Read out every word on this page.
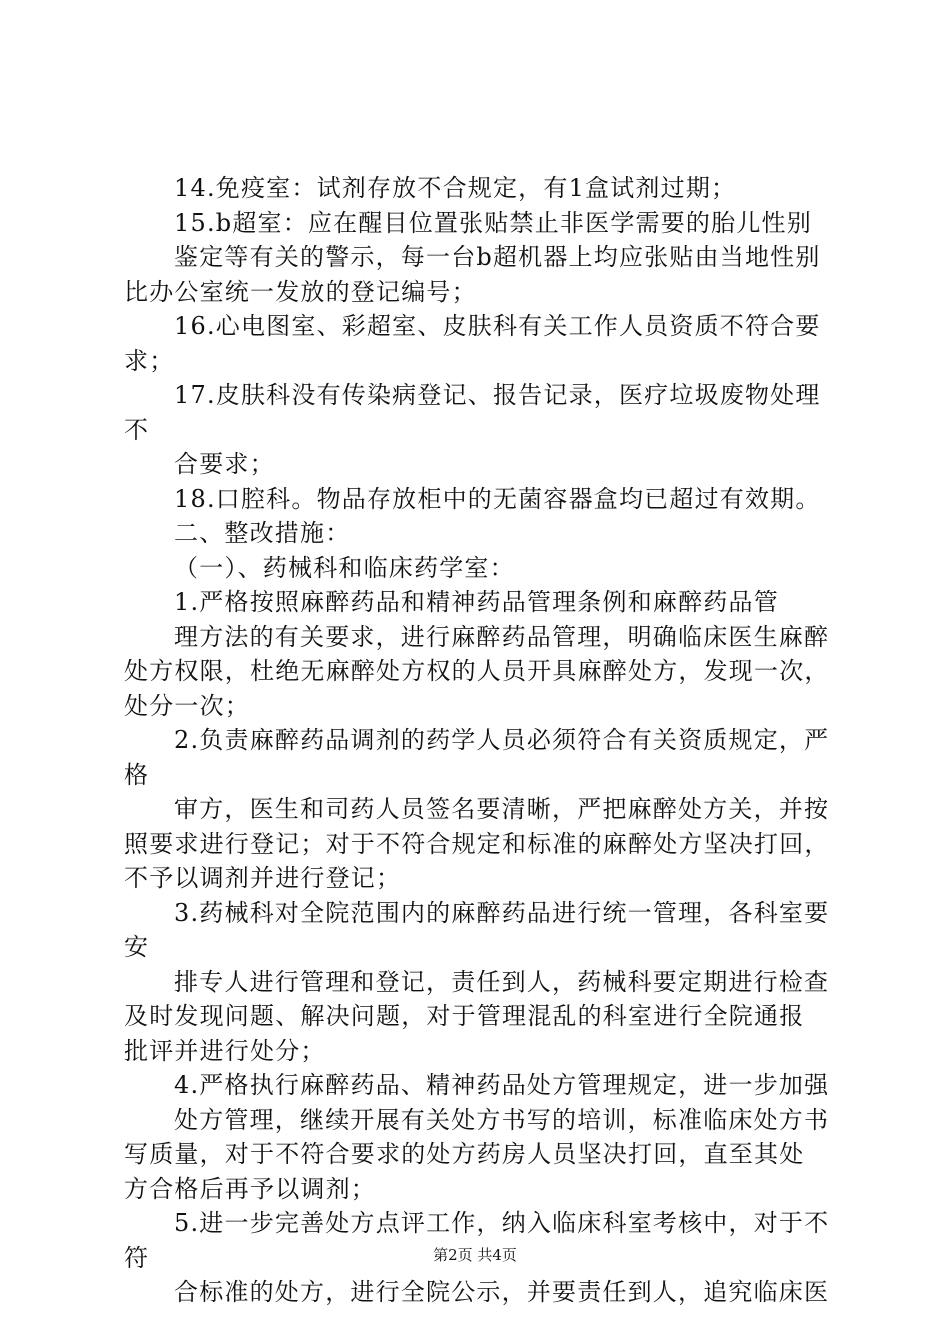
14.免疫室：试剂存放不合规定，有1盒试剂过期；
15.b超室：应在醒目位置张贴禁止非医学需要的胎儿性别
鉴定等有关的警示，每一台b超机器上均应张贴由当地性别
比办公室统一发放的登记编号；
16.心电图室、彩超室、皮肤科有关工作人员资质不符合要
求；
17.皮肤科没有传染病登记、报告记录，医疗垃圾废物处理
不
合要求；
18.口腔科。物品存放柜中的无菌容器盒均已超过有效期。
二、整改措施：
（一）、药械科和临床药学室：
1.严格按照麻醉药品和精神药品管理条例和麻醉药品管
理方法的有关要求，进行麻醉药品管理，明确临床医生麻醉
处方权限，杜绝无麻醉处方权的人员开具麻醉处方，发现一次，
处分一次；
2.负责麻醉药品调剂的药学人员必须符合有关资质规定，严
格
审方，医生和司药人员签名要清晰，严把麻醉处方关，并按
照要求进行登记；对于不符合规定和标准的麻醉处方坚决打回，
不予以调剂并进行登记；
3.药械科对全院范围内的麻醉药品进行统一管理，各科室要
安
排专人进行管理和登记，责任到人，药械科要定期进行检查
及时发现问题、解决问题，对于管理混乱的科室进行全院通报
批评并进行处分；
4.严格执行麻醉药品、精神药品处方管理规定，进一步加强
处方管理，继续开展有关处方书写的培训，标准临床处方书
写质量，对于不符合要求的处方药房人员坚决打回，直至其处
方合格后再予以调剂；
5.进一步完善处方点评工作，纳入临床科室考核中，对于不
符
合标准的处方，进行全院公示，并要责任到人，追究临床医
第2页 共4页
